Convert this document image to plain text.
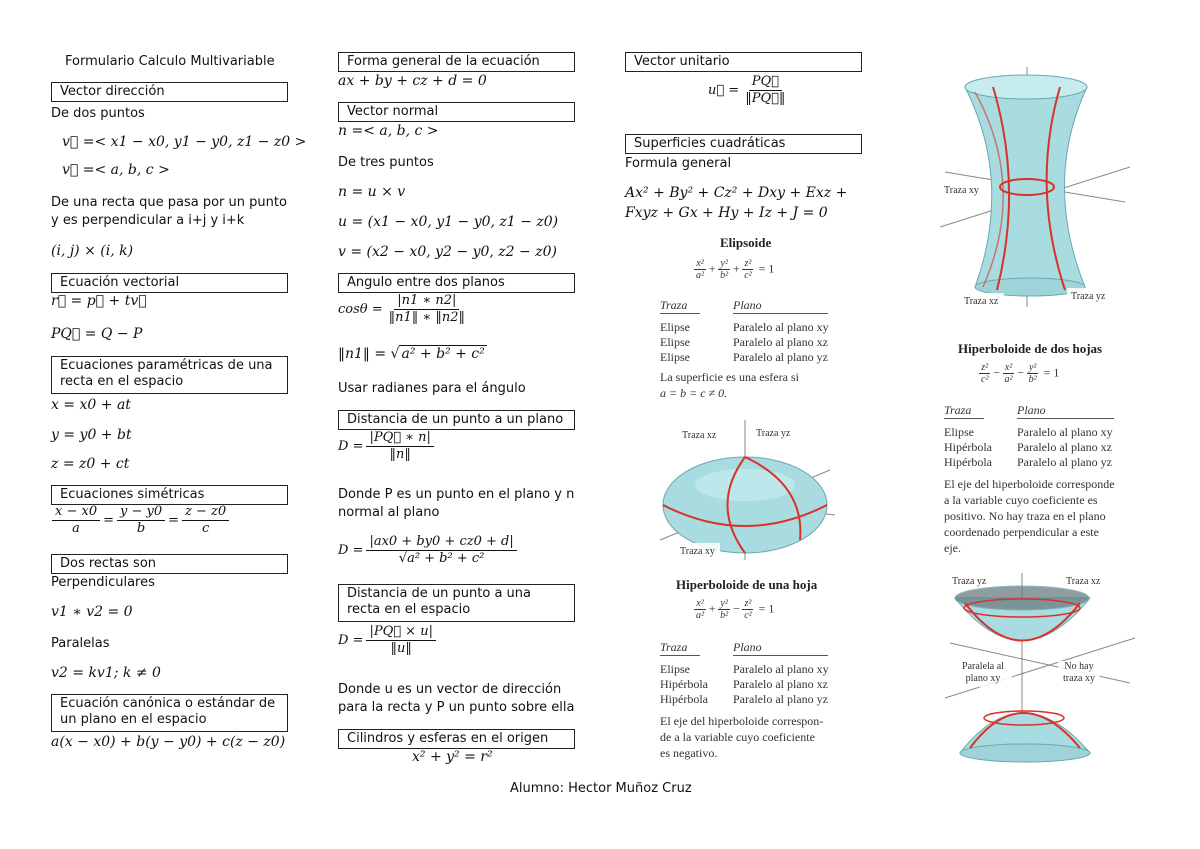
Formulario Calculo Multivariable
Vector dirección
De dos puntos
v⃗ =< x1 − x0, y1 − y0, z1 − z0 >
v⃗ =< a, b, c >
De una recta que pasa por un punto
y es perpendicular a i+j y i+k
(i, j) × (i, k)
Ecuación vectorial
r⃗ = p⃗ + tv⃗
PQ⃗ = Q − P
Ecuaciones paramétricas de una recta en el espacio
x = x0 + at
y = y0 + bt
z = z0 + ct
Ecuaciones simétricas
$\frac{x - x0}{a} = \frac{y - y0}{b} = \frac{z - z0}{c}$
Dos rectas son
Perpendiculares
v1 ∗ v2 = 0
Paralelas
v2 = kv1; k ≠ 0
Ecuación canónica o estándar de un plano en el espacio
a(x − x0) + b(y − y0) + c(z − z0)
Forma general de la ecuación
ax + by + cz + d = 0
Vector normal
n =< a, b, c >
De tres puntos
n = u × v
u = (x1 − x0, y1 − y0, z1 − z0)
v = (x2 − x0, y2 − y0, z2 − z0)
Angulo entre dos planos
$\cos\theta = \frac{|n1 ∗ n2|}{‖n1‖ ∗ ‖n2‖}$
‖n1‖ = √ a² + b² + c²
Usar radianes para el ángulo
Distancia de un punto a un plano
$D = \frac{|PQ⃗ ∗ n|}{‖n‖}$
Donde P es un punto en el plano y n
normal al plano
$D = \frac{|ax0 + by0 + cz0 + d|}{\text{√a² + b² + c²}}$
Distancia de un punto a una recta en el espacio
$D = \frac{|PQ⃗ \times u|}{‖u‖}$
Donde u es un vector de dirección
para la recta y P un punto sobre ella
Cilindros y esferas en el origen
x² + y² = r²
Vector unitario
u⃗ = $\frac{PQ⃗}{‖PQ⃗‖}$
Superficies cuadráticas
Formula general
Ax² + By² + Cz² + Dxy + Exz +
Fxyz + Gx + Hy + Iz + J = 0
Elipsoide
$\frac{\text{x²}}{\text{a²}} + \frac{\text{y²}}{\text{b²}} + \frac{\text{z²}}{\text{c²}} = 1$
Traza	Plano
Elipse	Paralelo al plano xy
Elipse	Paralelo al plano xz
Elipse	Paralelo al plano yz
La superficie es una esfera si
a = b = c ≠ 0.
Traza xz	Traza yz
Traza xy
Hiperboloide de una hoja
$\frac{\text{x²}}{\text{a²}} + \frac{\text{y²}}{\text{b²}} - \frac{\text{z²}}{\text{c²}} = 1$
Traza	Plano
Elipse	Paralelo al plano xy
Hipérbola Paralelo al plano xz
Hipérbola Paralelo al plano yz
El eje del hiperboloide correspon-
de a la variable cuyo coeficiente
es negativo.
Traza xy
Traza xz	Traza yz
Hiperboloide de dos hojas
$\frac{\text{z²}}{\text{c²}} - \frac{\text{x²}}{\text{a²}} - \frac{\text{y²}}{\text{b²}} = 1$
Traza	Plano
Elipse	Paralelo al plano xy
Hipérbola Paralelo al plano xz
Hipérbola Paralelo al plano yz
El eje del hiperboloide corresponde
a la variable cuyo coeficiente es
positivo. No hay traza en el plano
coordenado perpendicular a este
eje.
Traza yz	Traza xz
Paralela al plano xy
No hay traza xy
Alumno: Hector Muñoz Cruz
